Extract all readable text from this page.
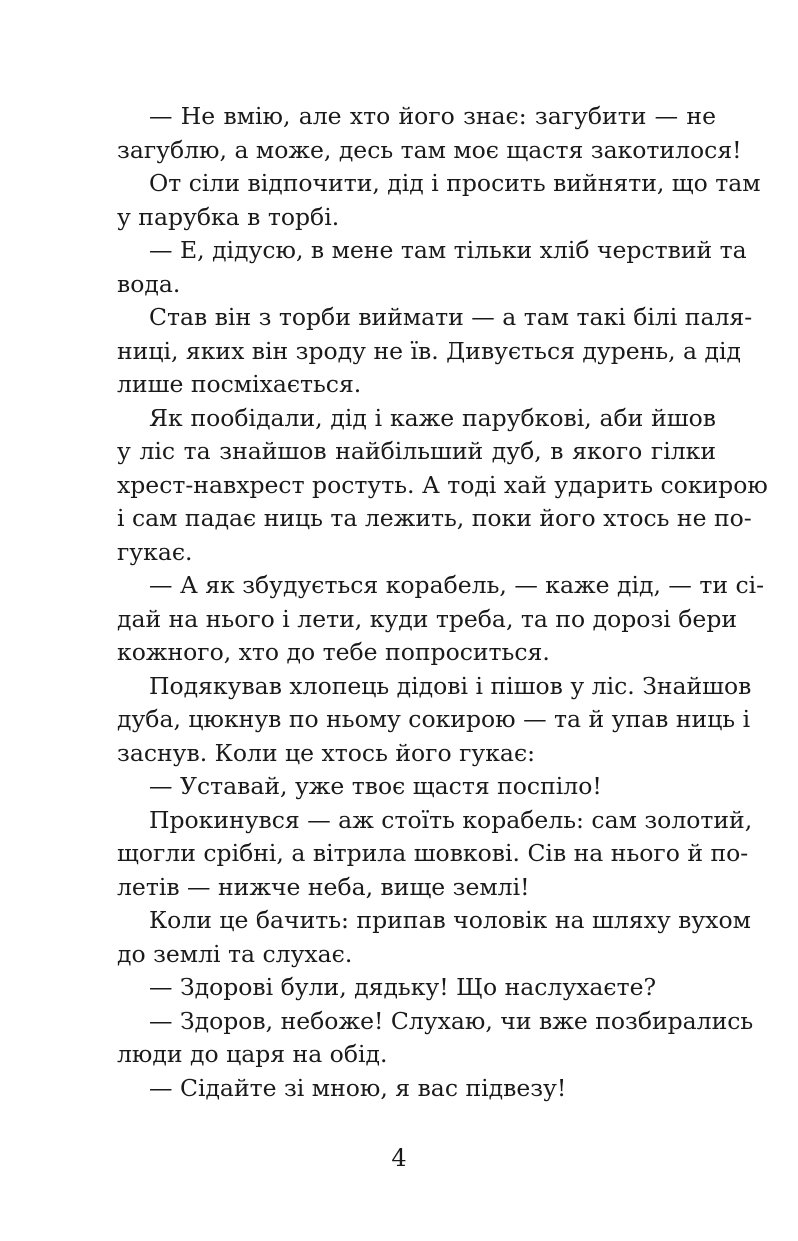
— Не вмію, але хто його знає: загубити — не
загублю, а може, десь там моє щастя закотилося!
От сіли відпочити, дід і просить вийняти, що там
у парубка в торбі.
— Е, дідусю, в мене там тільки хліб черствий та
вода.
Став він з торби виймати — а там такі білі паля-
ниці, яких він зроду не їв. Дивується дурень, а дід
лише посміхається.
Як пообідали, дід і каже парубкові, аби йшов
у ліс та знайшов найбільший дуб, в якого гілки
хрест-навхрест ростуть. А тоді хай ударить сокирою
і сам падає ниць та лежить, поки його хтось не по-
гукає.
— А як збудується корабель, — каже дід, — ти сі-
дай на нього і лети, куди треба, та по дорозі бери
кожного, хто до тебе попроситься.
Подякував хлопець дідові і пішов у ліс. Знайшов
дуба, цюкнув по ньому сокирою — та й упав ниць і
заснув. Коли це хтось його гукає:
— Уставай, уже твоє щастя поспіло!
Прокинувся — аж стоїть корабель: сам золотий,
щогли срібні, а вітрила шовкові. Сів на нього й по-
летів — нижче неба, вище землі!
Коли це бачить: припав чоловік на шляху вухом
до землі та слухає.
— Здорові були, дядьку! Що наслухаєте?
— Здоров, небоже! Слухаю, чи вже позбирались
люди до царя на обід.
— Сідайте зі мною, я вас підвезу!
4
